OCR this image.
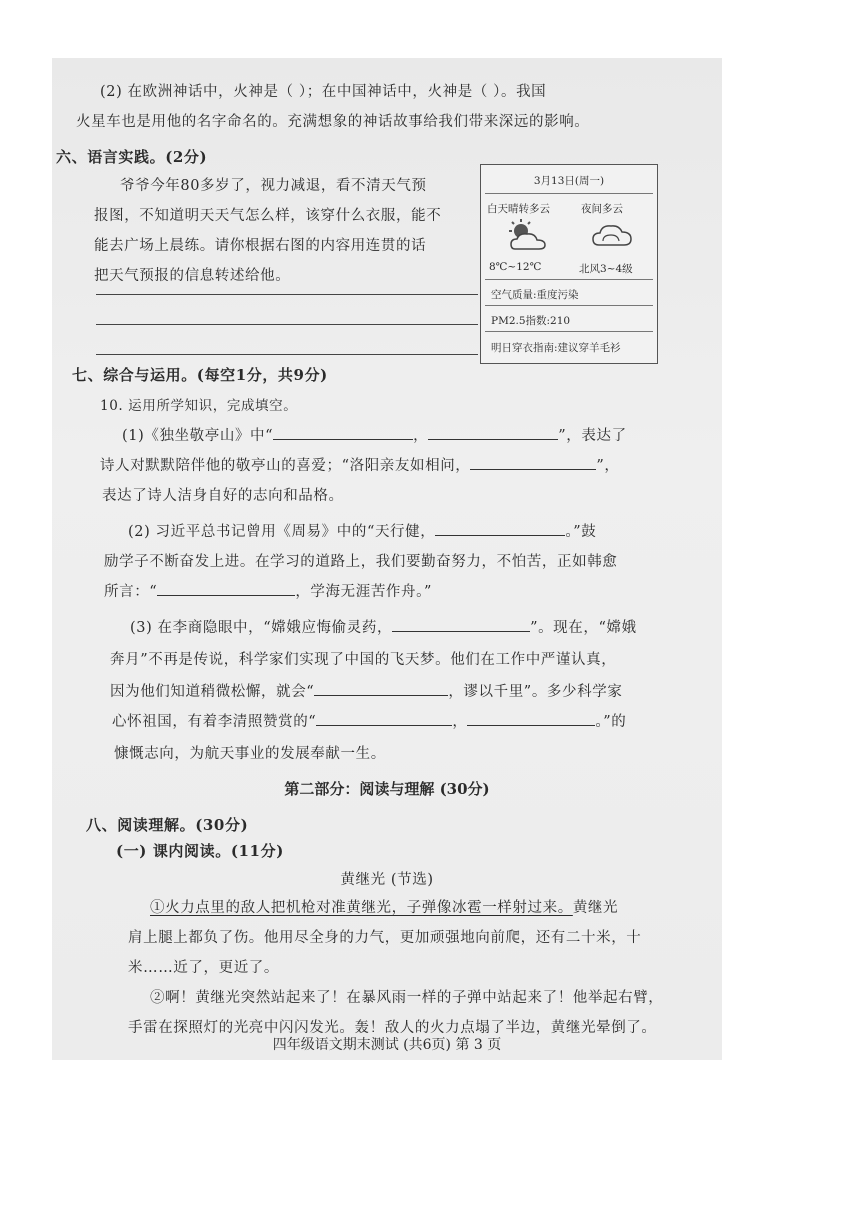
(2) 在欧洲神话中，火神是（ ）；在中国神话中，火神是（ ）。我国
火星车也是用他的名字命名的。充满想象的神话故事给我们带来深远的影响。
六、语言实践。(2分)
爷爷今年80多岁了，视力减退，看不清天气预
报图，不知道明天天气怎么样，该穿什么衣服，能不
能去广场上晨练。请你根据右图的内容用连贯的话
把天气预报的信息转述给他。
3月13日(周一)
白天晴转多云	夜间多云
8℃~12℃	北风3~4级
空气质量:重度污染
PM2.5指数:210
明日穿衣指南:建议穿羊毛衫
七、综合与运用。(每空1分，共9分)
10. 运用所学知识，完成填空。
(1)《独坐敬亭山》中“	，	”，表达了
诗人对默默陪伴他的敬亭山的喜爱；“洛阳亲友如相问，	”，
表达了诗人洁身自好的志向和品格。
(2) 习近平总书记曾用《周易》中的“天行健，	。”鼓
励学子不断奋发上进。在学习的道路上，我们要勤奋努力，不怕苦，正如韩愈
所言：“	，学海无涯苦作舟。”
(3) 在李商隐眼中，“嫦娥应悔偷灵药，	”。现在，“嫦娥
奔月”不再是传说，科学家们实现了中国的飞天梦。他们在工作中严谨认真，
因为他们知道稍微松懈，就会“	，谬以千里”。多少科学家
心怀祖国，有着李清照赞赏的“	，	。”的
慷慨志向，为航天事业的发展奉献一生。
第二部分：阅读与理解 (30分)
八、阅读理解。(30分)
(一) 课内阅读。(11分)
黄继光 (节选)
①火力点里的敌人把机枪对准黄继光，子弹像冰雹一样射过来。黄继光
肩上腿上都负了伤。他用尽全身的力气，更加顽强地向前爬，还有二十米，十
米……近了，更近了。
②啊！黄继光突然站起来了！在暴风雨一样的子弹中站起来了！他举起右臂，
手雷在探照灯的光亮中闪闪发光。轰！敌人的火力点塌了半边，黄继光晕倒了。
四年级语文期末测试 (共6页) 第 3 页
